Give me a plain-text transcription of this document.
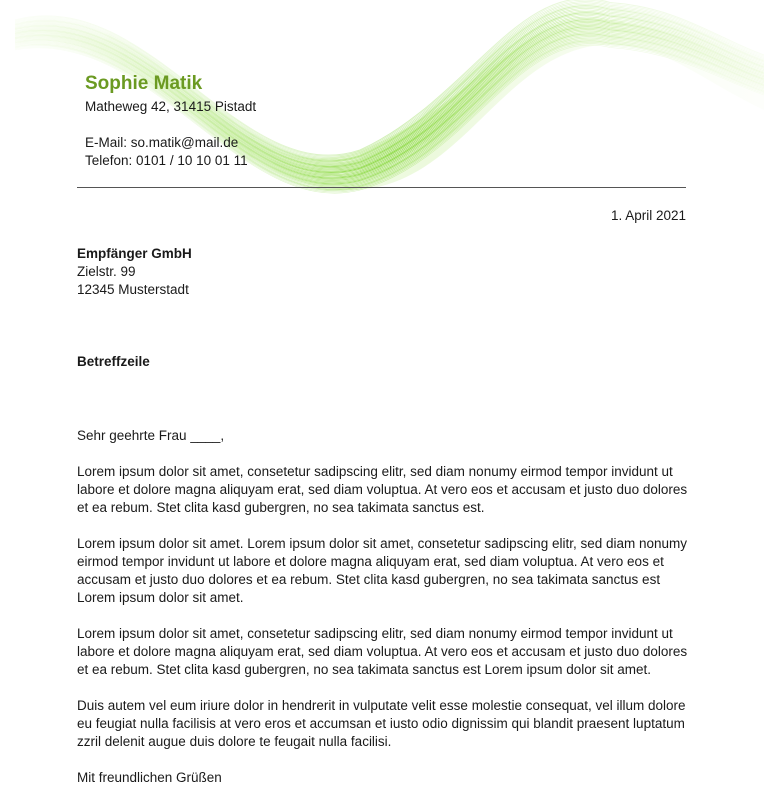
Sophie Matik
Matheweg 42, 31415 Pistadt
E-Mail: so.matik@mail.de
Telefon: 0101 / 10 10 01 11
1. April 2021
Empfänger GmbH
Zielstr. 99
12345 Musterstadt
Betreffzeile

Sehr geehrte Frau ____,

Lorem ipsum dolor sit amet, consetetur sadipscing elitr, sed diam nonumy eirmod tempor invidunt ut labore et dolore magna aliquyam erat, sed diam voluptua. At vero eos et accusam et justo duo dolores et ea rebum. Stet clita kasd gubergren, no sea takimata sanctus est.

Lorem ipsum dolor sit amet. Lorem ipsum dolor sit amet, consetetur sadipscing elitr, sed diam nonumy eirmod tempor invidunt ut labore et dolore magna aliquyam erat, sed diam voluptua. At vero eos et accusam et justo duo dolores et ea rebum. Stet clita kasd gubergren, no sea takimata sanctus est Lorem ipsum dolor sit amet.

Lorem ipsum dolor sit amet, consetetur sadipscing elitr, sed diam nonumy eirmod tempor invidunt ut labore et dolore magna aliquyam erat, sed diam voluptua. At vero eos et accusam et justo duo dolores et ea rebum. Stet clita kasd gubergren, no sea takimata sanctus est Lorem ipsum dolor sit amet.

Duis autem vel eum iriure dolor in hendrerit in vulputate velit esse molestie consequat, vel illum dolore eu feugiat nulla facilisis at vero eros et accumsan et iusto odio dignissim qui blandit praesent luptatum zzril delenit augue duis dolore te feugait nulla facilisi.

Mit freundlichen Grüßen
